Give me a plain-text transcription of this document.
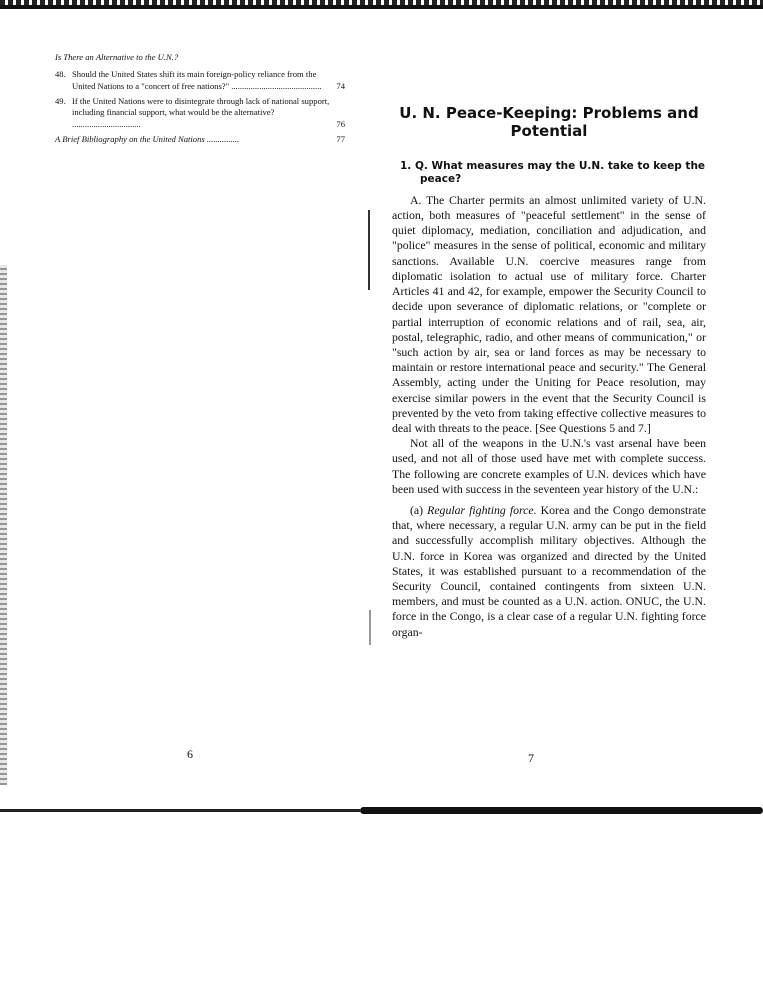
Is There an Alternative to the U.N.?
48. Should the United States shift its main foreign-policy reliance from the United Nations to a "concert of free nations?" .......................................... 74
49. If the United Nations were to disintegrate through lack of national support, including financial support, what would be the alternative? ................................	76
A Brief Bibliography on the United Nations ...............	77
6
U. N. Peace-Keeping: Problems and Potential
1. Q. What measures may the U.N. take to keep the peace?

A. The Charter permits an almost unlimited variety of U.N. action, both measures of "peaceful settlement" in the sense of quiet diplomacy, mediation, conciliation and adjudication, and "police" measures in the sense of political, economic and military sanctions. Available U.N. coercive measures range from diplomatic isolation to actual use of military force. Charter Articles 41 and 42, for example, empower the Security Council to decide upon severance of diplomatic relations, or "complete or partial interruption of economic relations and of rail, sea, air, postal, telegraphic, radio, and other means of communication," or "such action by air, sea or land forces as may be necessary to maintain or restore international peace and security." The General Assembly, acting under the Uniting for Peace resolution, may exercise similar powers in the event that the Security Council is prevented by the veto from taking effective collective measures to deal with threats to the peace. [See Questions 5 and 7.]

Not all of the weapons in the U.N.'s vast arsenal have been used, and not all of those used have met with complete success. The following are concrete examples of U.N. devices which have been used with success in the seventeen year history of the U.N.:

(a) Regular fighting force. Korea and the Congo demonstrate that, where necessary, a regular U.N. army can be put in the field and successfully accomplish military objectives. Although the U.N. force in Korea was organized and directed by the United States, it was established pursuant to a recommendation of the Security Council, contained contingents from sixteen U.N. members, and must be counted as a U.N. action. ONUC, the U.N. force in the Congo, is a clear case of a regular U.N. fighting force organ-

7
